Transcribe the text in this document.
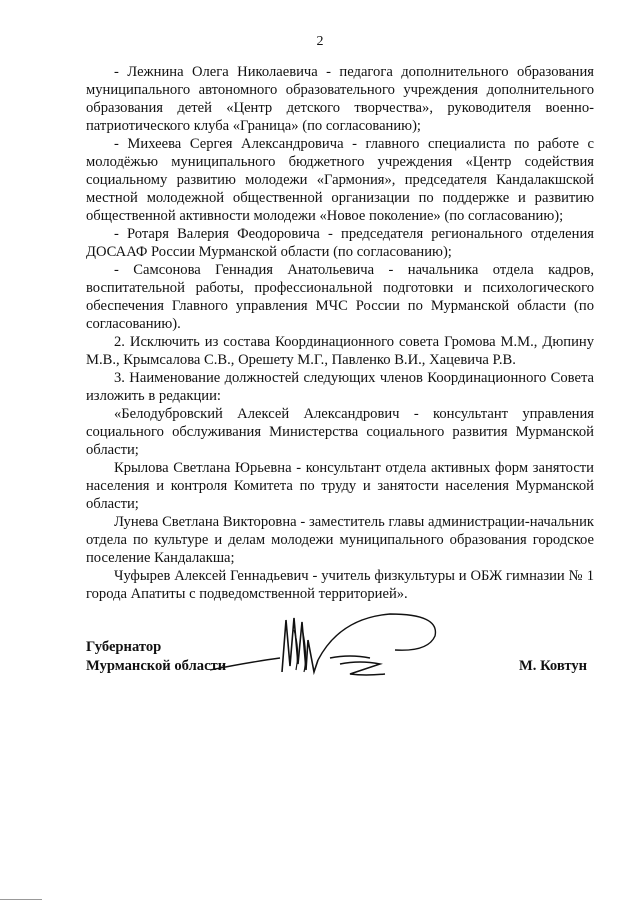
2

- Лежнина Олега Николаевича - педагога дополнительного образования муниципального автономного образовательного учреждения дополнительного образования детей «Центр детского творчества», руководителя военно-патриотического клуба «Граница» (по согласованию);

- Михеева Сергея Александровича - главного специалиста по работе с молодёжью муниципального бюджетного учреждения «Центр содействия социальному развитию молодежи «Гармония», председателя Кандалакшской местной молодежной общественной организации по поддержке и развитию общественной активности молодежи «Новое поколение» (по согласованию);

- Ротаря Валерия Феодоровича - председателя регионального отделения ДОСААФ России Мурманской области (по согласованию);

- Самсонова Геннадия Анатольевича - начальника отдела кадров, воспитательной работы, профессиональной подготовки и психологического обеспечения Главного управления МЧС России по Мурманской области (по согласованию).

2. Исключить из состава Координационного совета Громова М.М., Дюпину М.В., Крымсалова С.В., Орешету М.Г., Павленко В.И., Хацевича Р.В.

3. Наименование должностей следующих членов Координационного Совета изложить в редакции:

«Белодубровский Алексей Александрович - консультант управления социального обслуживания Министерства социального развития Мурманской области;

Крылова Светлана Юрьевна - консультант отдела активных форм занятости населения и контроля Комитета по труду и занятости населения Мурманской области;

Лунева Светлана Викторовна - заместитель главы администрации-начальник отдела по культуре и делам молодежи муниципального образования городское поселение Кандалакша;

Чуфырев Алексей Геннадьевич - учитель физкультуры и ОБЖ гимназии № 1 города Апатиты с подведомственной территорией».

Губернатор
Мурманской области	М. Ковтун
